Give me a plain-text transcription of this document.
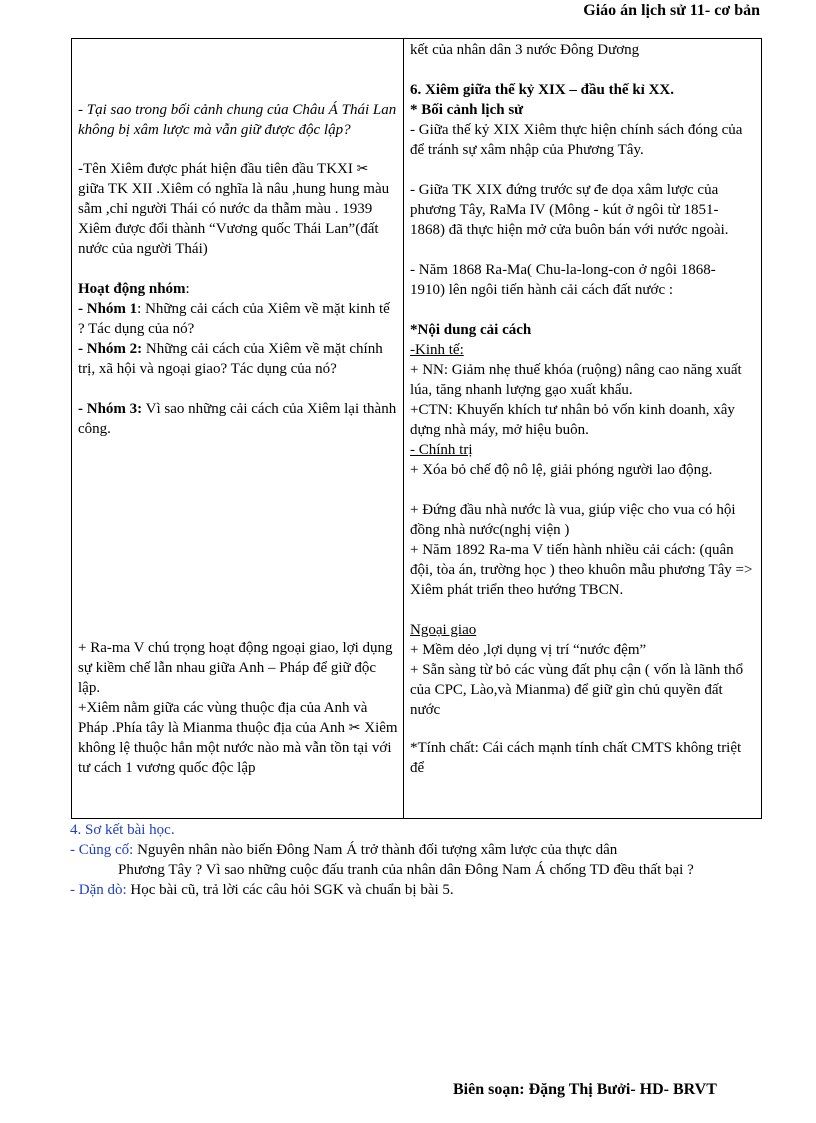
Giáo án lịch sử 11- cơ bản
- Tại sao trong bối cảnh chung của Châu Á Thái Lan không bị xâm lược mà vẫn giữ được độc lập?
-Tên Xiêm được phát hiện đầu tiên đầu TKXI ✂ giữa TK XII .Xiêm có nghĩa là nâu ,hung hung màu sẫm ,chỉ người Thái có nước da thẫm màu . 1939 Xiêm được đổi thành “Vương quốc Thái Lan”(đất nước của người Thái)
Hoạt động nhóm:
- Nhóm 1: Những cải cách của Xiêm về mặt kinh tế ? Tác dụng của nó?
- Nhóm 2: Những cải cách của Xiêm về mặt chính trị, xã hội và ngoại giao? Tác dụng của nó?
- Nhóm 3: Vì sao những cải cách của Xiêm lại thành công.
+ Ra-ma V chú trọng hoạt động ngoại giao, lợi dụng sự kiềm chế lẫn nhau giữa Anh – Pháp để giữ độc lập.
+Xiêm nằm giữa các vùng thuộc địa của Anh và Pháp .Phía tây là Mianma thuộc địa của Anh ✂ Xiêm không lệ thuộc hẳn một nước nào mà vẫn tồn tại với tư cách 1 vương quốc độc lập
kết của nhân dân 3 nước Đông Dương
6. Xiêm giữa thế kỷ XIX – đầu thế kỉ XX.
* Bối cảnh lịch sử
- Giữa thế kỷ XIX Xiêm thực hiện chính sách đóng của để tránh sự xâm nhập của Phương Tây.
- Giữa TK XIX đứng trước sự đe dọa xâm lược của phương Tây, RaMa IV (Mông - kút ở ngôi từ 1851- 1868) đã thực hiện mở cửa buôn bán với nước ngoài.
- Năm 1868 Ra-Ma( Chu-la-long-con ở ngôi 1868- 1910) lên ngôi tiến hành cải cách đất nước :
*Nội dung cải cách
-Kinh tế:
+ NN: Giảm nhẹ thuế khóa (ruộng) nâng cao năng xuất lúa, tăng nhanh lượng gạo xuất khẩu.
+CTN: Khuyến khích tư nhân bỏ vốn kinh doanh, xây dựng nhà máy, mở hiệu buôn.
- Chính trị
+ Xóa bỏ chế độ nô lệ, giải phóng người lao động.
+ Đứng đầu nhà nước là vua, giúp việc cho vua có hội đồng nhà nước(nghị viện )
+ Năm 1892 Ra-ma V tiến hành nhiều cải cách: (quân đội, tòa án, trường học ) theo khuôn mẫu phương Tây => Xiêm phát triển theo hướng TBCN.
Ngoại giao
+ Mềm dẻo ,lợi dụng vị trí “nước đệm”
+ Sẵn sàng từ bỏ các vùng đất phụ cận ( vốn là lãnh thổ của CPC, Lào,và Mianma) để giữ gìn chủ quyền đất nước
*Tính chất: Cái cách mạnh tính chất CMTS không triệt để
4. Sơ kết bài học.
- Củng cố: Nguyên nhân nào biến Đông Nam Á trở thành đối tượng xâm lược của thực dân
Phương Tây ? Vì sao những cuộc đấu tranh của nhân dân Đông Nam Á chống TD đều thất bại ?
- Dặn dò: Học bài cũ, trả lời các câu hỏi SGK và chuẩn bị bài 5.
Biên soạn: Đặng Thị Bưởi- HD- BRVT
